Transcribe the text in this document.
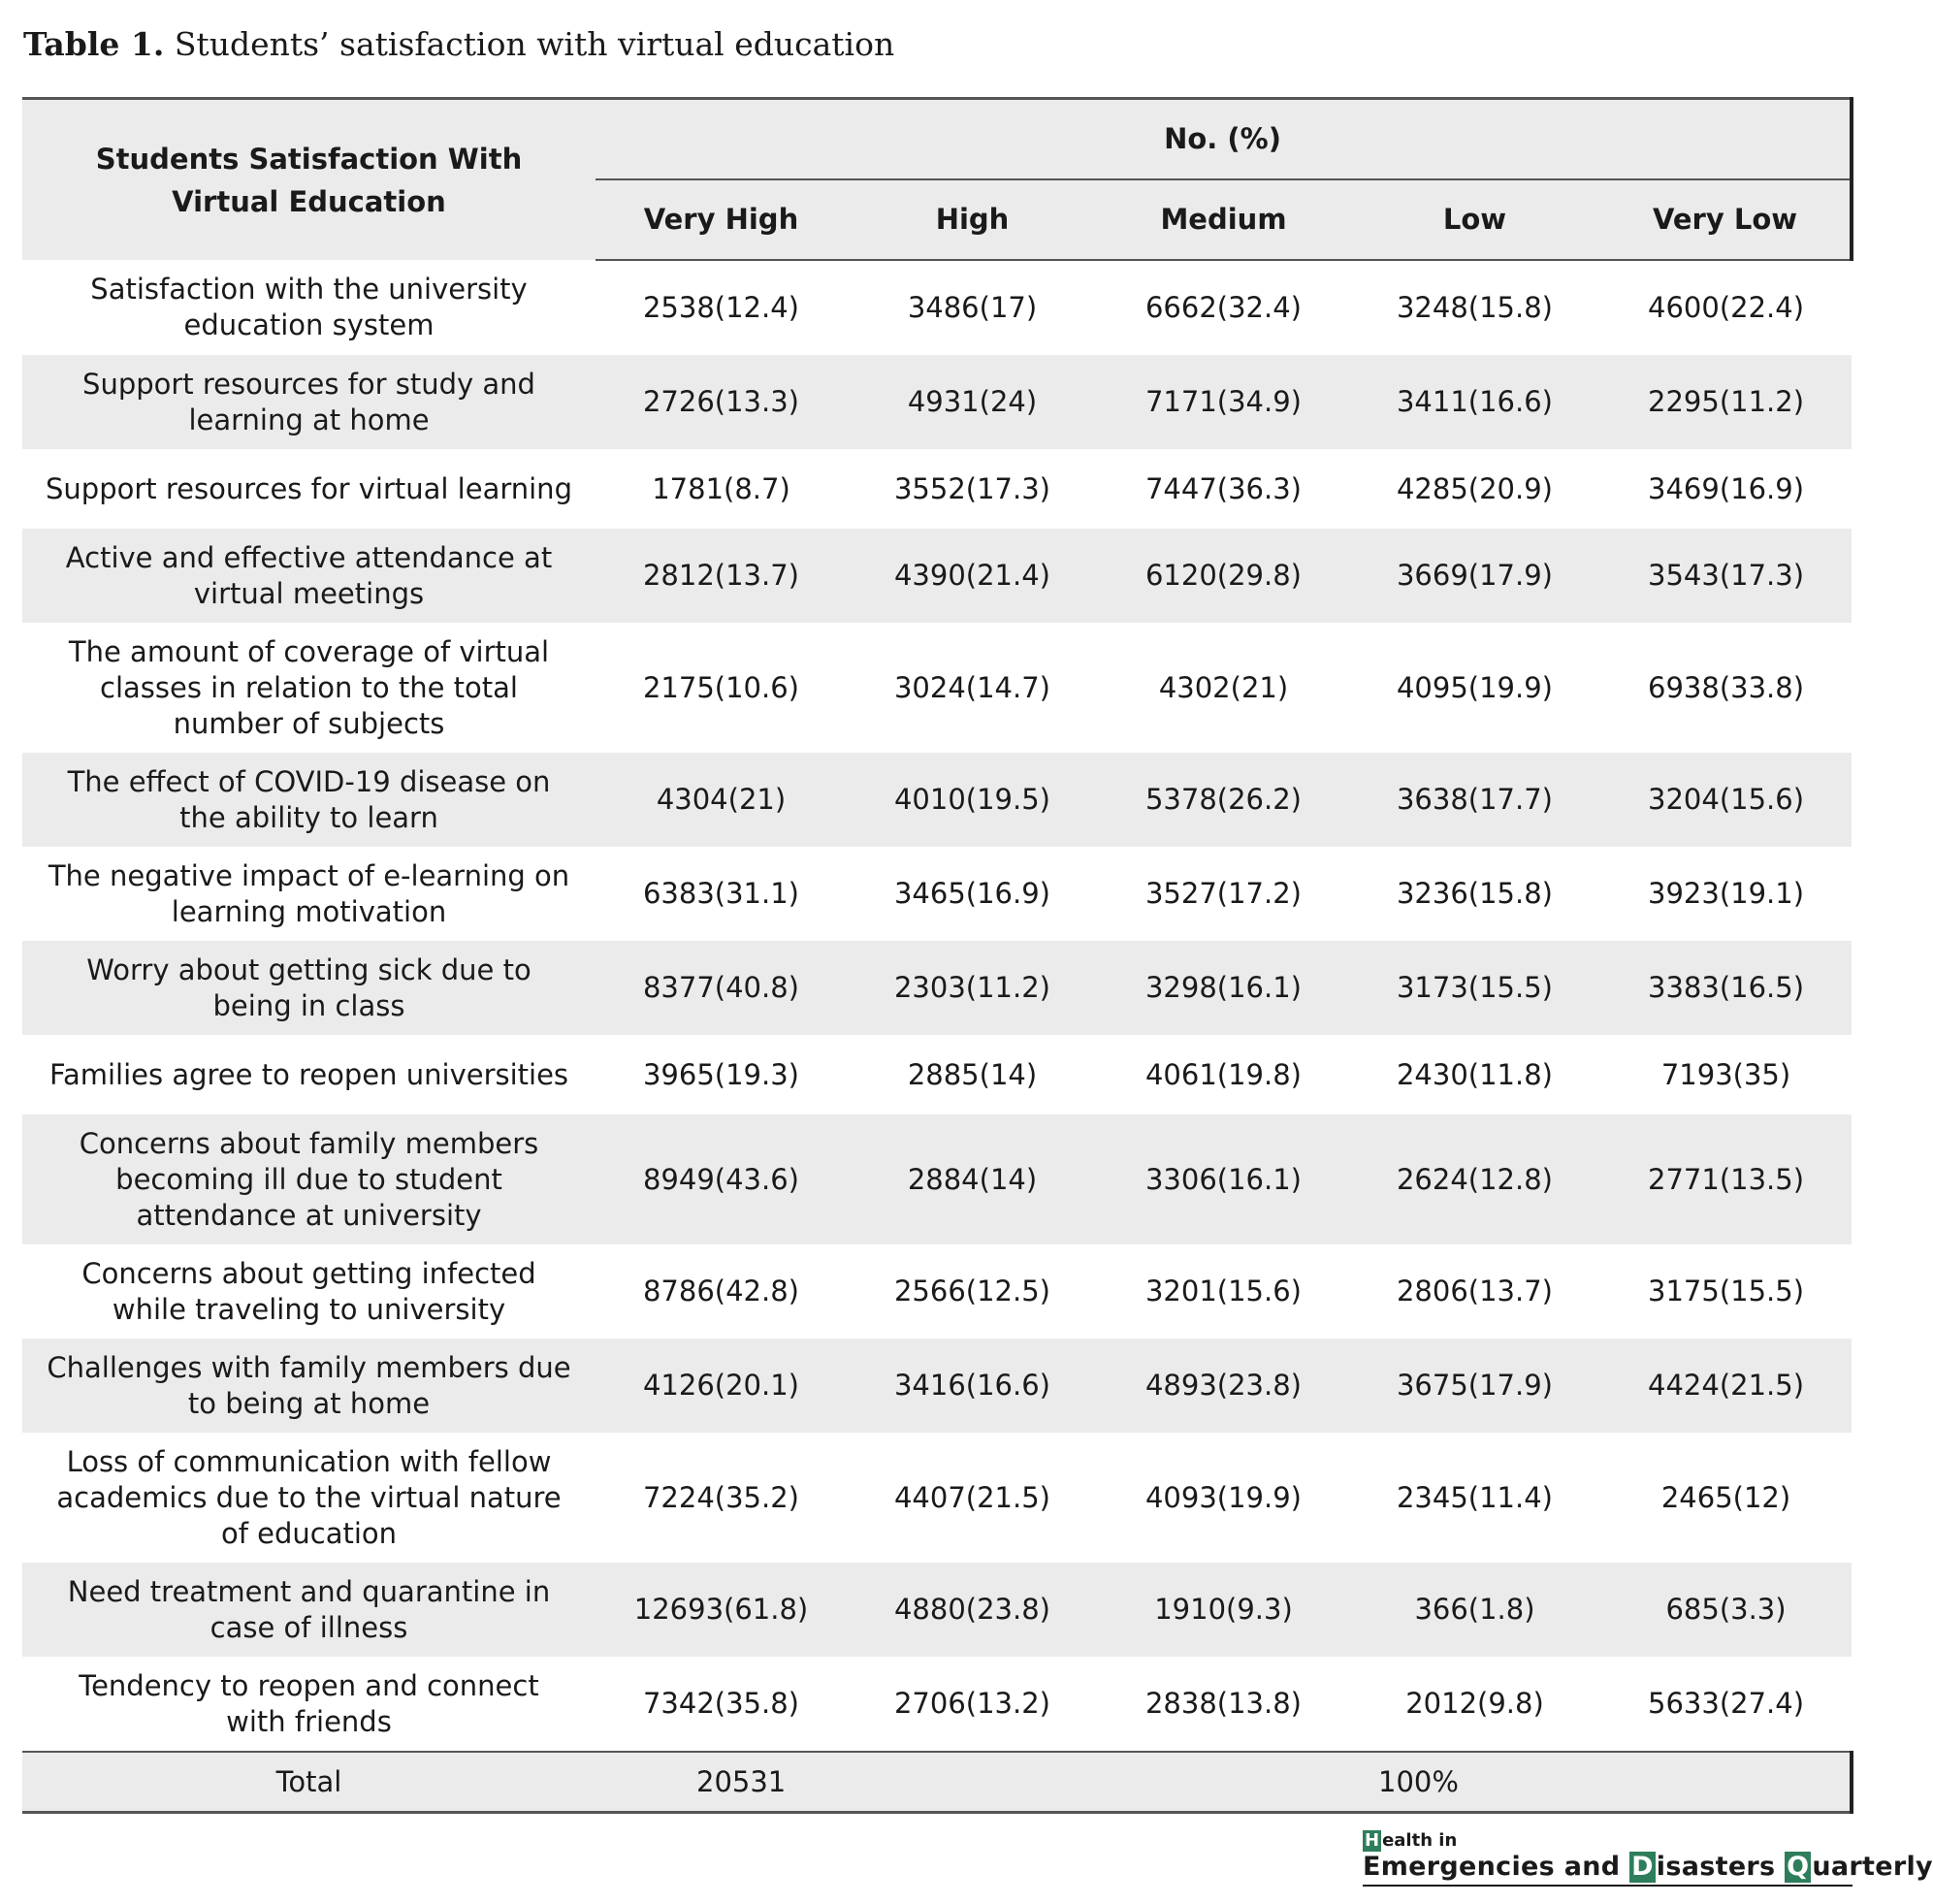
Table 1. Students’ satisfaction with virtual education
Students Satisfaction With Virtual Education	No. (%)				
	Very High	High	Medium	Low	Very Low
Satisfaction with the university education system	2538(12.4)	3486(17)	6662(32.4)	3248(15.8)	4600(22.4)
Support resources for study and learning at home	2726(13.3)	4931(24)	7171(34.9)	3411(16.6)	2295(11.2)
Support resources for virtual learning	1781(8.7)	3552(17.3)	7447(36.3)	4285(20.9)	3469(16.9)
Active and effective attendance at virtual meetings	2812(13.7)	4390(21.4)	6120(29.8)	3669(17.9)	3543(17.3)
The amount of coverage of virtual classes in relation to the total number of subjects	2175(10.6)	3024(14.7)	4302(21)	4095(19.9)	6938(33.8)
The effect of COVID-19 disease on the ability to learn	4304(21)	4010(19.5)	5378(26.2)	3638(17.7)	3204(15.6)
The negative impact of e-learning on learning motivation	6383(31.1)	3465(16.9)	3527(17.2)	3236(15.8)	3923(19.1)
Worry about getting sick due to being in class	8377(40.8)	2303(11.2)	3298(16.1)	3173(15.5)	3383(16.5)
Families agree to reopen universities	3965(19.3)	2885(14)	4061(19.8)	2430(11.8)	7193(35)
Concerns about family members becoming ill due to student attendance at university	8949(43.6)	2884(14)	3306(16.1)	2624(12.8)	2771(13.5)
Concerns about getting infected while traveling to university	8786(42.8)	2566(12.5)	3201(15.6)	2806(13.7)	3175(15.5)
Challenges with family members due to being at home	4126(20.1)	3416(16.6)	4893(23.8)	3675(17.9)	4424(21.5)
Loss of communication with fellow academics due to the virtual nature of education	7224(35.2)	4407(21.5)	4093(19.9)	2345(11.4)	2465(12)
Need treatment and quarantine in case of illness	12693(61.8)	4880(23.8)	1910(9.3)	366(1.8)	685(3.3)
Tendency to reopen and connect with friends	7342(35.8)	2706(13.2)	2838(13.8)	2012(9.8)	5633(27.4)
Total	20531			100%	
H ealth in
Emergencies and D isasters Q uarterly
